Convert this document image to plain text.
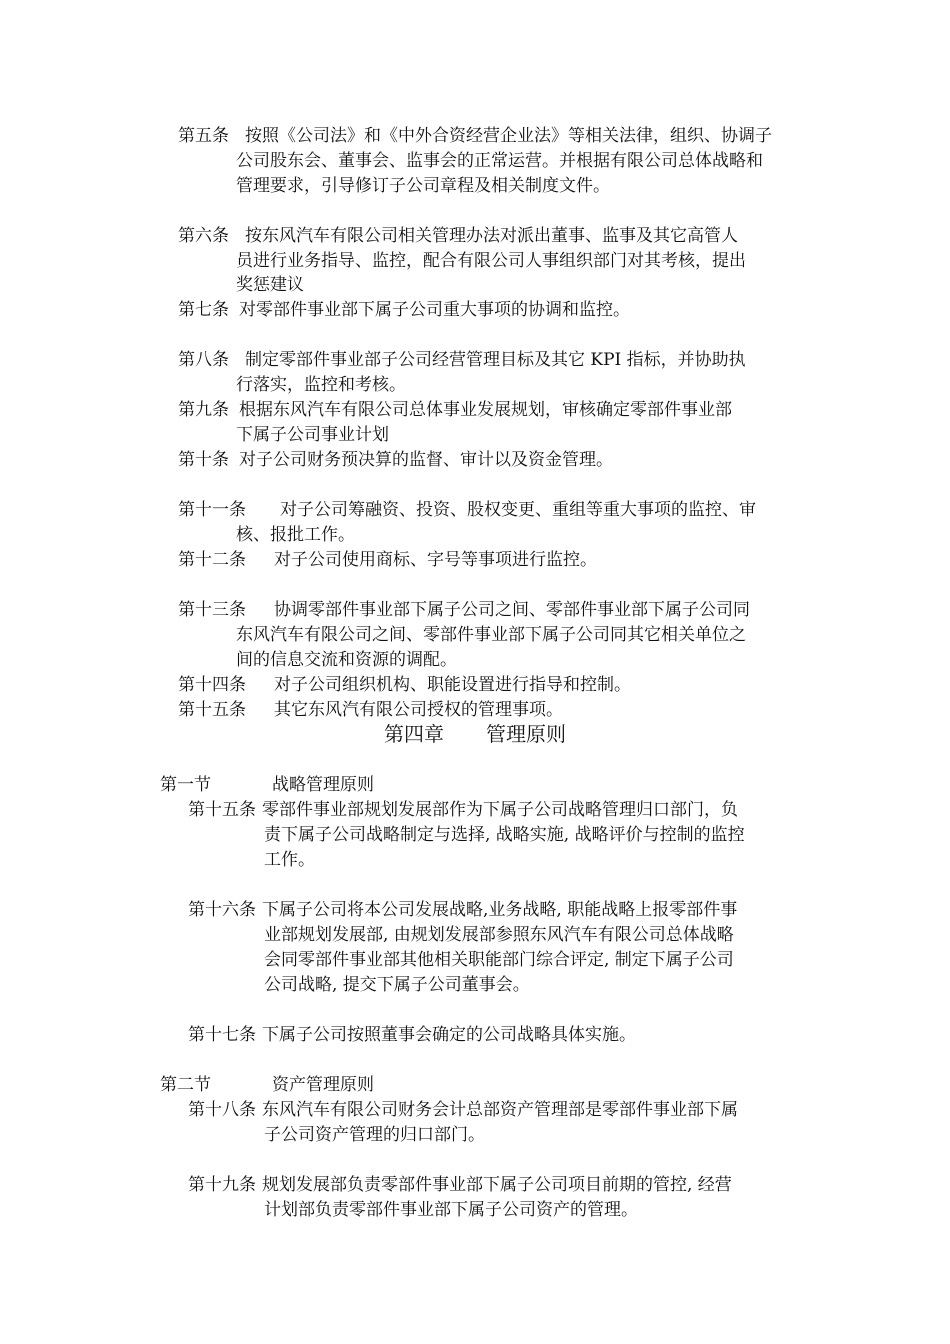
第五条 按照《公司法》和《中外合资经营企业法》等相关法律，组织、协调子
公司股东会、董事会、监事会的正常运营。并根据有限公司总体战略和
管理要求，引导修订子公司章程及相关制度文件。
第六条 按东风汽车有限公司相关管理办法对派出董事、监事及其它高管人
员进行业务指导、监控，配合有限公司人事组织部门对其考核，提出
奖惩建议
第七条 对零部件事业部下属子公司重大事项的协调和监控。
第八条 制定零部件事业部子公司经营管理目标及其它 KPI 指标，并协助执
行落实，监控和考核。
第九条 根据东风汽车有限公司总体事业发展规划，审核确定零部件事业部
下属子公司事业计划
第十条 对子公司财务预决算的监督、审计以及资金管理。
第十一条 对子公司筹融资、投资、股权变更、重组等重大事项的监控、审
核、报批工作。
第十二条 对子公司使用商标、字号等事项进行监控。
第十三条 协调零部件事业部下属子公司之间、零部件事业部下属子公司同
东风汽车有限公司之间、零部件事业部下属子公司同其它相关单位之
间的信息交流和资源的调配。
第十四条 对子公司组织机构、职能设置进行指导和控制。
第十五条 其它东风汽有限公司授权的管理事项。
第四章 管理原则
第一节	战略管理原则
第十五条 零部件事业部规划发展部作为下属子公司战略管理归口部门，负
责下属子公司战略制定与选择, 战略实施, 战略评价与控制的监控
工作。
第十六条 下属子公司将本公司发展战略,业务战略, 职能战略上报零部件事
业部规划发展部, 由规划发展部参照东风汽车有限公司总体战略
会同零部件事业部其他相关职能部门综合评定, 制定下属子公司
公司战略, 提交下属子公司董事会。
第十七条 下属子公司按照董事会确定的公司战略具体实施。
第二节	资产管理原则
第十八条 东风汽车有限公司财务会计总部资产管理部是零部件事业部下属
子公司资产管理的归口部门。
第十九条 规划发展部负责零部件事业部下属子公司项目前期的管控, 经营
计划部负责零部件事业部下属子公司资产的管理。
